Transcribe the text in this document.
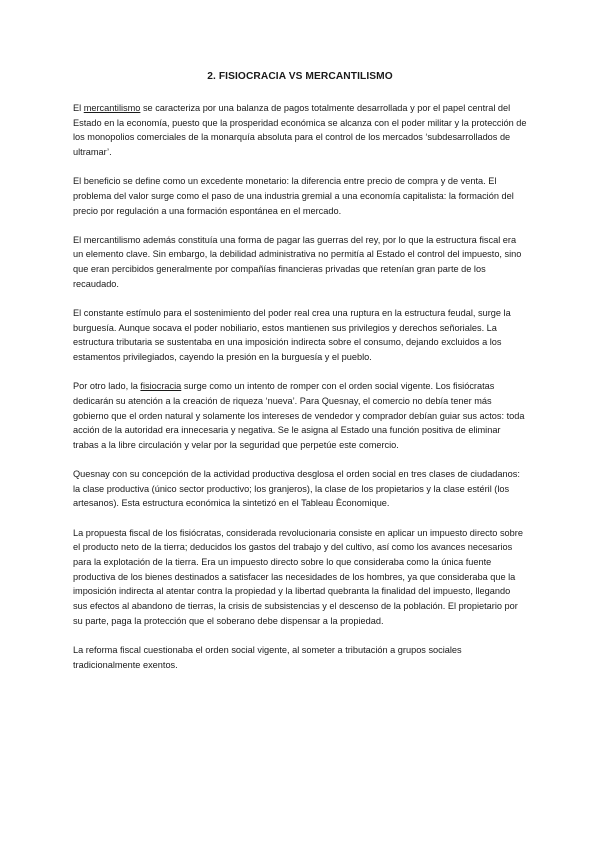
2. FISIOCRACIA VS MERCANTILISMO

El mercantilismo se caracteriza por una balanza de pagos totalmente desarrollada y por el papel central del Estado en la economía, puesto que la prosperidad económica se alcanza con el poder militar y la protección de los monopolios comerciales de la monarquía absoluta para el control de los mercados ‘subdesarrollados de ultramar’.

El beneficio se define como un excedente monetario: la diferencia entre precio de compra y de venta. El problema del valor surge como el paso de una industria gremial a una economía capitalista: la formación del precio por regulación a una formación espontánea en el mercado.

El mercantilismo además constituía una forma de pagar las guerras del rey, por lo que la estructura fiscal era un elemento clave. Sin embargo, la debilidad administrativa no permitía al Estado el control del impuesto, sino que eran percibidos generalmente por compañías financieras privadas que retenían gran parte de los recaudado.

El constante estímulo para el sostenimiento del poder real crea una ruptura en la estructura feudal, surge la burguesía. Aunque socava el poder nobiliario, estos mantienen sus privilegios y derechos señoriales. La estructura tributaria se sustentaba en una imposición indirecta sobre el consumo, dejando excluidos a los estamentos privilegiados, cayendo la presión en la burguesía y el pueblo.

Por otro lado, la fisiocracia surge como un intento de romper con el orden social vigente. Los fisiócratas dedicarán su atención a la creación de riqueza ‘nueva’. Para Quesnay, el comercio no debía tener más gobierno que el orden natural y solamente los intereses de vendedor y comprador debían guiar sus actos: toda acción de la autoridad era innecesaria y negativa. Se le asigna al Estado una función positiva de eliminar trabas a la libre circulación y velar por la seguridad que perpetúe este comercio.

Quesnay con su concepción de la actividad productiva desglosa el orden social en tres clases de ciudadanos: la clase productiva (único sector productivo; los granjeros), la clase de los propietarios y la clase estéril (los artesanos). Esta estructura económica la sintetizó en el Tableau Èconomique.

La propuesta fiscal de los fisiócratas, considerada revolucionaria consiste en aplicar un impuesto directo sobre el producto neto de la tierra; deducidos los gastos del trabajo y del cultivo, así como los avances necesarios para la explotación de la tierra. Era un impuesto directo sobre lo que consideraba como la única fuente productiva de los bienes destinados a satisfacer las necesidades de los hombres, ya que consideraba que la imposición indirecta al atentar contra la propiedad y la libertad quebranta la finalidad del impuesto, llegando sus efectos al abandono de tierras, la crisis de subsistencias y el descenso de la población. El propietario por su parte, paga la protección que el soberano debe dispensar a la propiedad.

La reforma fiscal cuestionaba el orden social vigente, al someter a tributación a grupos sociales tradicionalmente exentos.
